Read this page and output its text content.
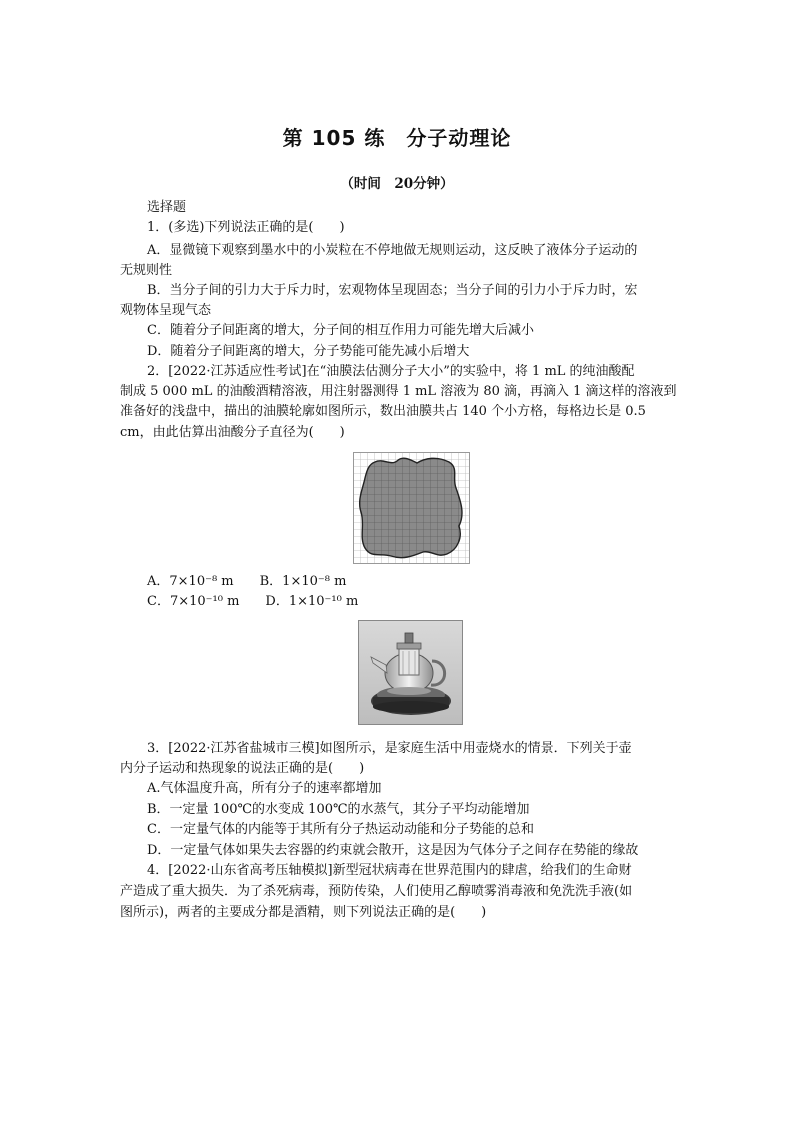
第 105 练　分子动理论
（时间　20分钟）
选择题
1．(多选)下列说法正确的是(　　)
A．显微镜下观察到墨水中的小炭粒在不停地做无规则运动，这反映了液体分子运动的
无规则性
B．当分子间的引力大于斥力时，宏观物体呈现固态；当分子间的引力小于斥力时，宏
观物体呈现气态
C．随着分子间距离的增大，分子间的相互作用力可能先增大后减小
D．随着分子间距离的增大，分子势能可能先减小后增大
2．[2022·江苏适应性考试]在“油膜法估测分子大小”的实验中，将 1 mL 的纯油酸配
制成 5 000 mL 的油酸酒精溶液，用注射器测得 1 mL 溶液为 80 滴，再滴入 1 滴这样的溶液到
准备好的浅盘中，描出的油膜轮廓如图所示，数出油膜共占 140 个小方格，每格边长是 0.5
cm，由此估算出油酸分子直径为(　　)
A．7×10⁻⁸ m　　B．1×10⁻⁸ m
C．7×10⁻¹⁰ m　　D．1×10⁻¹⁰ m
3．[2022·江苏省盐城市三模]如图所示，是家庭生活中用壶烧水的情景．下列关于壶
内分子运动和热现象的说法正确的是(　　)
A.气体温度升高，所有分子的速率都增加
B．一定量 100℃的水变成 100℃的水蒸气，其分子平均动能增加
C．一定量气体的内能等于其所有分子热运动动能和分子势能的总和
D．一定量气体如果失去容器的约束就会散开，这是因为气体分子之间存在势能的缘故
4．[2022·山东省高考压轴模拟]新型冠状病毒在世界范围内的肆虐，给我们的生命财
产造成了重大损失．为了杀死病毒，预防传染，人们使用乙醇喷雾消毒液和免洗洗手液(如
图所示)，两者的主要成分都是酒精，则下列说法正确的是(　　)
